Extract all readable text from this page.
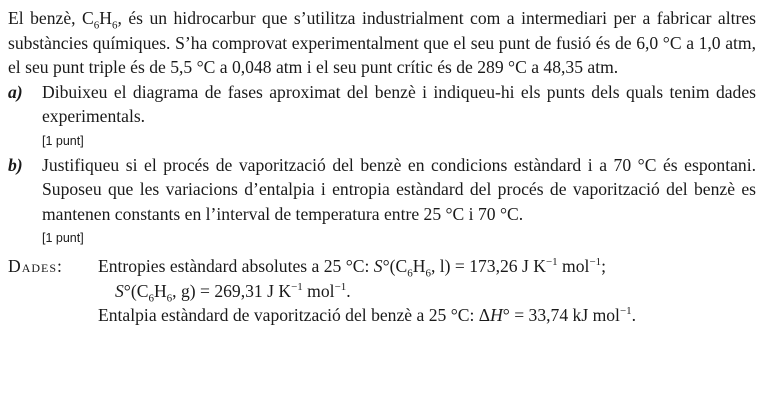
El benzè, $C_6H_6$, és un hidrocarbur que s’utilitza industrialment com a intermediari per a fabricar altres substàncies químiques. S’ha comprovat experimentalment que el seu punt de fusió és de 6,0 °C a 1,0 atm, el seu punt triple és de 5,5 °C a 0,048 atm i el seu punt crític és de 289 °C a 48,35 atm.

a) Dibuixeu el diagrama de fases aproximat del benzè i indiqueu-hi els punts dels quals tenim dades experimentals.
[1 punt]
b) Justifiqueu si el procés de vaporització del benzè en condicions estàndard i a 70 °C és espontani. Suposeu que les variacions d’entalpia i entropia estàndard del procés de vaporització del benzè es mantenen constants en l’interval de temperatura entre 25 °C i 70 °C.
[1 punt]
Dades:	Entropies estàndard absolutes a 25 °C: $S^\circ(C_6H_6$, l) = 173,26 J $K^{-1}$ mol$^{-1}$;
$S^\circ(C_6H_6$, g) = 269,31 J $K^{-1}$ mol$^{-1}$.
Entalpia estàndard de vaporització del benzè a 25 °C: ΔH° = 33,74 kJ mol$^{-1}$.
